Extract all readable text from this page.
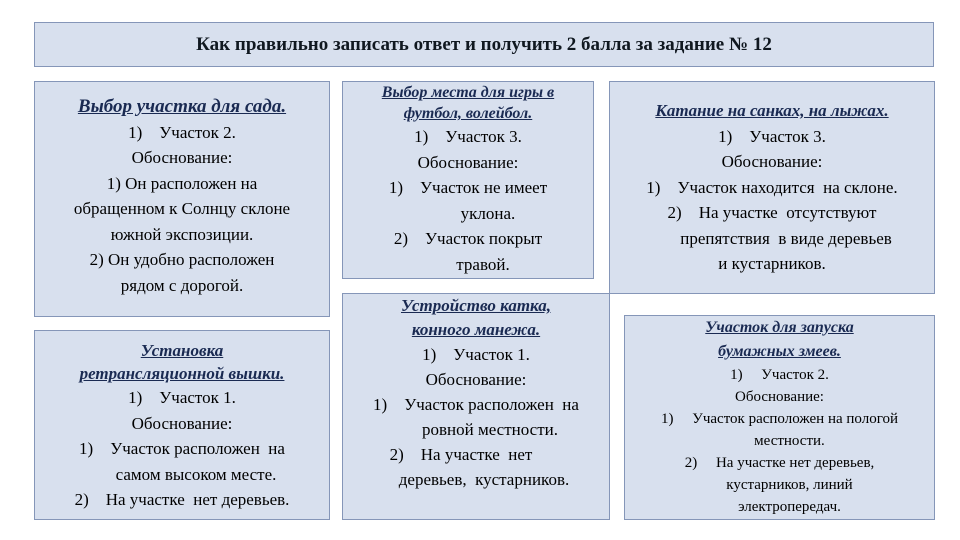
Как правильно записать ответ и получить 2 балла за задание № 12
Выбор участка для сада.
1)    Участок 2.
Обоснование:
1) Он расположен на
обращенном к Солнцу склоне
южной экспозиции.
2) Он удобно расположен
рядом с дорогой.
Выбор места для игры в
футбол, волейбол.
1)    Участок 3.
Обоснование:
1)    Участок не имеет
уклона.
2)    Участок покрыт
травой.
Катание на санках, на лыжах.
1)    Участок 3.
Обоснование:
1)    Участок находится  на склоне.
2)    На участке  отсутствуют
препятствия  в виде деревьев
и кустарников.
Установка
ретрансляционной вышки.
1)    Участок 1.
Обоснование:
1)    Участок расположен  на
самом высоком месте.
2)    На участке  нет деревьев.
Устройство катка,
конного манежа.
1)    Участок 1.
Обоснование:
1)    Участок расположен  на
ровной местности.
2)    На участке  нет
деревьев,  кустарников.
Участок для запуска
бумажных змеев.
1)     Участок 2.
Обоснование:
1)     Участок расположен на пологой
местности.
2)     На участке нет деревьев,
кустарников, линий
электропередач.
